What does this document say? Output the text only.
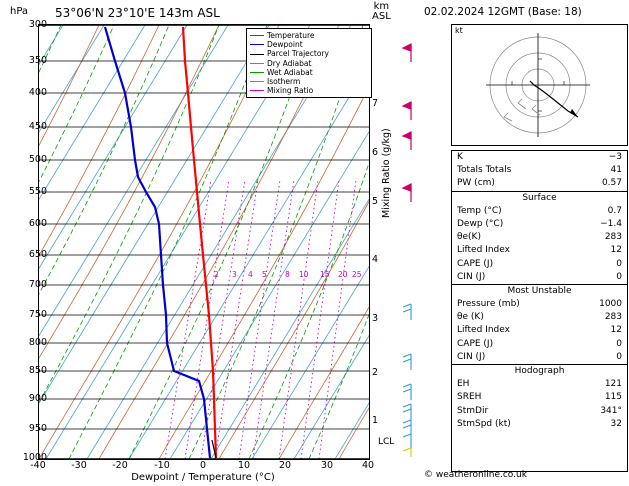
hPa 53°06'N 23°10'E 143m ASL	km
ASL
300
350
400
450
500
550
600
650
700
750
800
850
900
950
1000
-40	-30	-20	-10	0	10	20	30	40
Dewpoint / Temperature (°C)
1
2
3
4
5
6
7
LCL
Mixing Ratio (g/kg)
2 3 4 5 8 10 15 20 25
Temperature
Dewpoint
Parcel Trajectory
Dry Adiabat
Wet Adiabat
Isotherm
Mixing Ratio
02.02.2024 12GMT (Base: 18)
kt
K	−3
Totals Totals	41
PW (cm)	0.57
Surface
Temp (°C)	0.7
Dewp (°C)	−1.4
θe(K)	283
Lifted Index	12
CAPE (J)	0
CIN (J)	0
Most Unstable
Pressure (mb)	1000
θe (K)	283
Lifted Index	12
CAPE (J)	0
CIN (J)	0
Hodograph
EH	121
SREH	115
StmDir	341°
StmSpd (kt)	32
© weatheronline.co.uk
